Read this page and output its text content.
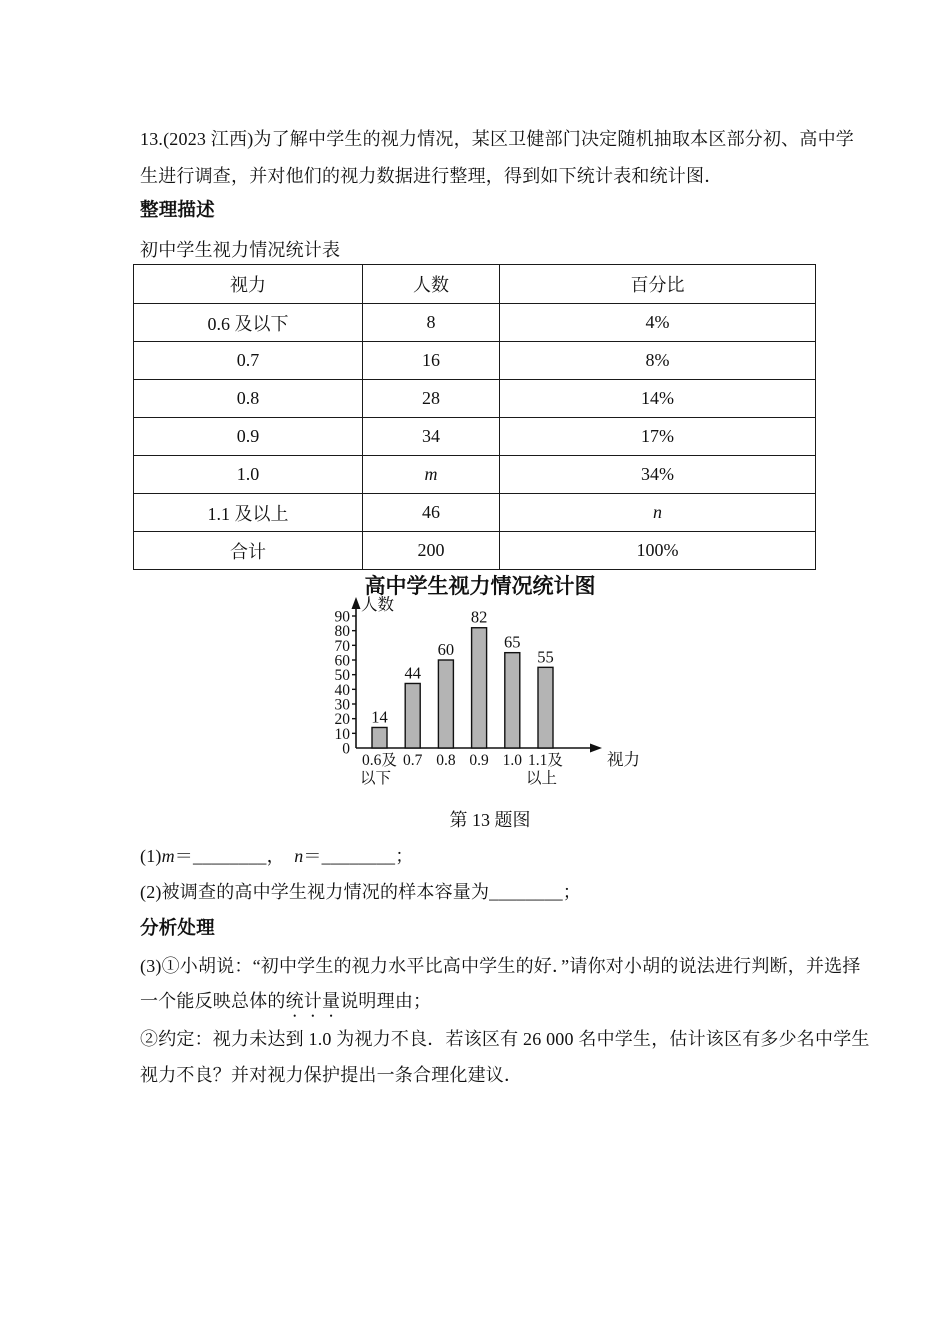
13.(2023 江西)为了解中学生的视力情况，某区卫健部门决定随机抽取本区部分初、高中学
生进行调查，并对他们的视力数据进行整理，得到如下统计表和统计图．
整理描述
初中学生视力情况统计表
视力	人数	百分比
0.6 及以下	8	4%
0.7	16	8%
0.8	28	14%
0.9	34	17%
1.0	m	34%
1.1 及以上	46	n
合计	200	100%
高中学生视力情况统计图
人数
视力
0
10
20
30
40
50
60
70
80
90
14
0.6及
以下
44
0.7
60
0.8
82
0.9
65
1.0
55
1.1及
以上
第 13 题图
(1)m＝________，  n＝________；
(2)被调查的高中学生视力情况的样本容量为________；
分析处理
(3)①小胡说：“初中学生的视力水平比高中学生的好．”请你对小胡的说法进行判断，并选择
一个能反映总体的统计量说明理由；
②约定：视力未达到 1.0 为视力不良．若该区有 26 000 名中学生，估计该区有多少名中学生
视力不良？并对视力保护提出一条合理化建议．
